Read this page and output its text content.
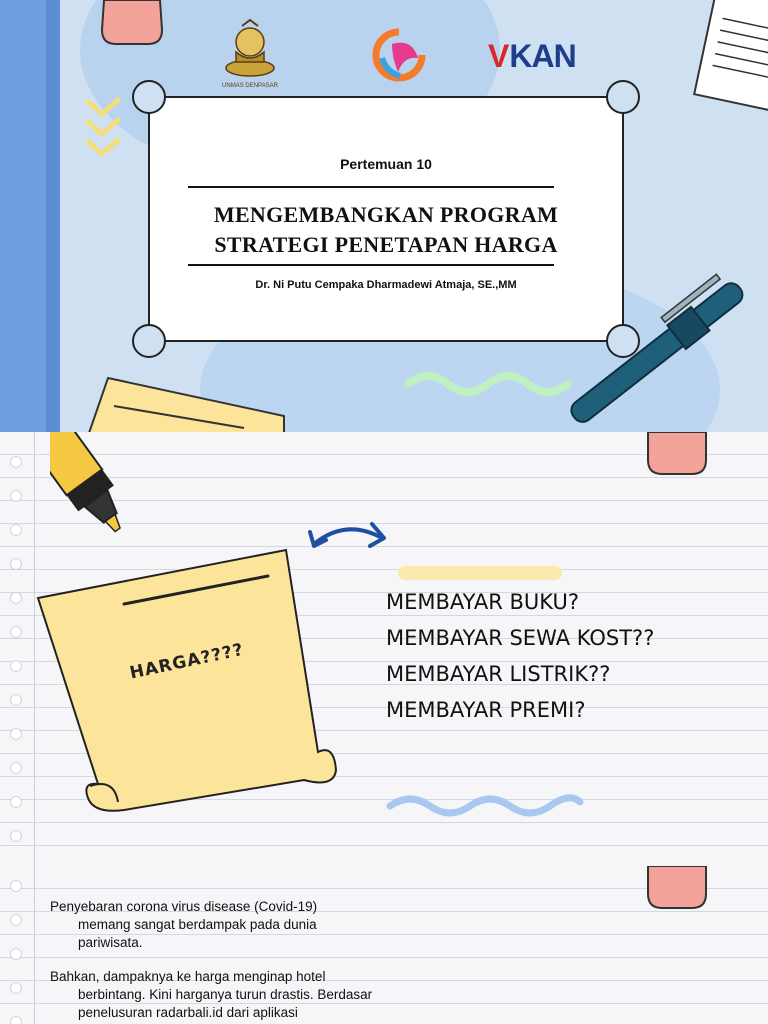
UNMAS DENPASAR
VKAN
Pertemuan 10
MENGEMBANGKAN PROGRAM
STRATEGI PENETAPAN HARGA
Dr. Ni Putu Cempaka Dharmadewi Atmaja, SE.,MM
HARGA????
MEMBAYAR BUKU?
MEMBAYAR SEWA KOST??
MEMBAYAR LISTRIK??
MEMBAYAR PREMI?
Penyebaran corona virus disease (Covid-19)
memang sangat berdampak pada dunia pariwisata.
Bahkan, dampaknya ke harga menginap hotel
berbintang. Kini harganya turun drastis. Berdasar penelusuran radarbali.id dari aplikasi
